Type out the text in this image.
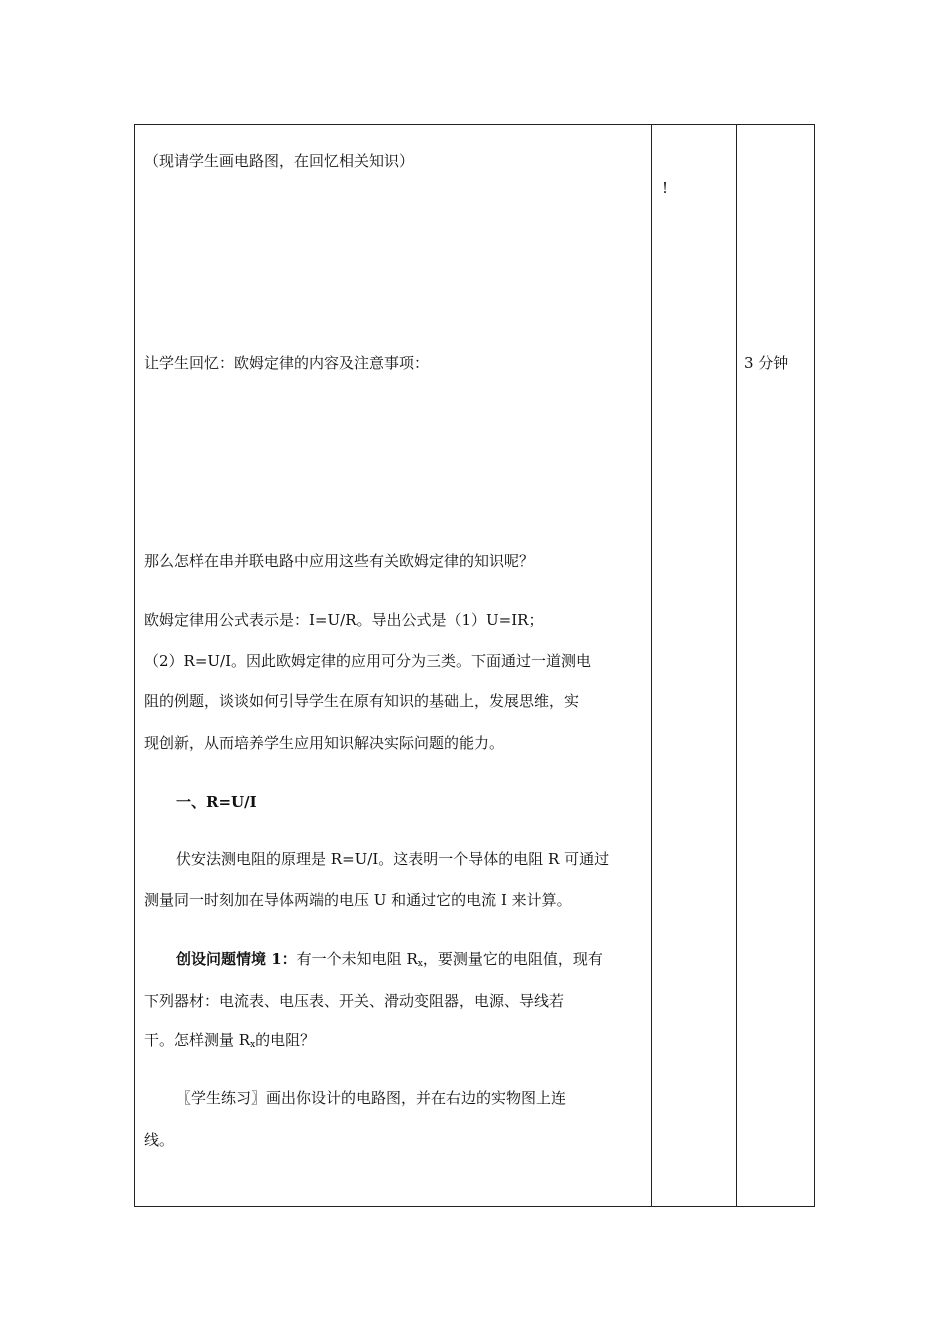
（现请学生画电路图，在回忆相关知识）

!

让学生回忆：欧姆定律的内容及注意事项：	3 分钟

那么怎样在串并联电路中应用这些有关欧姆定律的知识呢？

欧姆定律用公式表示是：I=U/R。导出公式是（1）U=IR；

（2）R=U/I。因此欧姆定律的应用可分为三类。下面通过一道测电

阻的例题，谈谈如何引导学生在原有知识的基础上，发展思维，实

现创新，从而培养学生应用知识解决实际问题的能力。

一、R=U/I

伏安法测电阻的原理是 R=U/I。这表明一个导体的电阻 R 可通过

测量同一时刻加在导体两端的电压 U 和通过它的电流 I 来计算。

创设问题情境 1：有一个未知电阻 $R_x$，要测量它的电阻值，现有

下列器材：电流表、电压表、开关、滑动变阻器，电源、导线若

干。怎样测量 $R_x$的电阻？

〖学生练习〗画出你设计的电路图，并在右边的实物图上连

线。
